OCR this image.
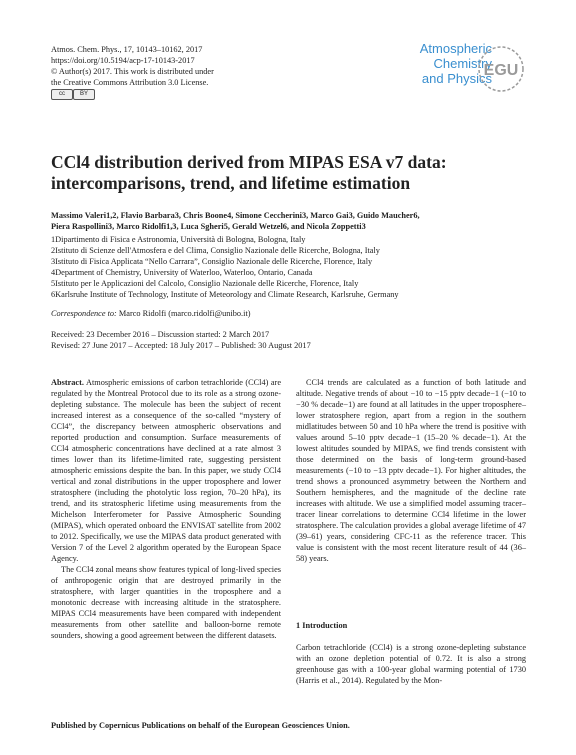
Atmos. Chem. Phys., 17, 10143–10162, 2017
https://doi.org/10.5194/acp-17-10143-2017
© Author(s) 2017. This work is distributed under
the Creative Commons Attribution 3.0 License.
cc	BY
Atmospheric
Chemistry
and Physics
EGU
CCl4 distribution derived from MIPAS ESA v7 data:
intercomparisons, trend, and lifetime estimation
Massimo Valeri1,2, Flavio Barbara3, Chris Boone4, Simone Ceccherini3, Marco Gai3, Guido Maucher6,
Piera Raspollini3, Marco Ridolfi1,3, Luca Sgheri5, Gerald Wetzel6, and Nicola Zoppetti3
1Dipartimento di Fisica e Astronomia, Università di Bologna, Bologna, Italy
2Istituto di Scienze dell'Atmosfera e del Clima, Consiglio Nazionale delle Ricerche, Bologna, Italy
3Istituto di Fisica Applicata “Nello Carrara”, Consiglio Nazionale delle Ricerche, Florence, Italy
4Department of Chemistry, University of Waterloo, Waterloo, Ontario, Canada
5Istituto per le Applicazioni del Calcolo, Consiglio Nazionale delle Ricerche, Florence, Italy
6Karlsruhe Institute of Technology, Institute of Meteorology and Climate Research, Karlsruhe, Germany
Correspondence to: Marco Ridolfi (marco.ridolfi@unibo.it)
Received: 23 December 2016 – Discussion started: 2 March 2017
Revised: 27 June 2017 – Accepted: 18 July 2017 – Published: 30 August 2017

Abstract. Atmospheric emissions of carbon tetrachloride (CCl4) are regulated by the Montreal Protocol due to its role as a strong ozone-depleting substance. The molecule has been the subject of recent increased interest as a consequence of the so-called “mystery of CCl4”, the discrepancy between atmospheric observations and reported production and consumption. Surface measurements of CCl4 atmospheric concentrations have declined at a rate almost 3 times lower than its lifetime-limited rate, suggesting persistent atmospheric emissions despite the ban. In this paper, we study CCl4 vertical and zonal distributions in the upper troposphere and lower stratosphere (including the photolytic loss region, 70–20 hPa), its trend, and its stratospheric lifetime using measurements from the Michelson Interferometer for Passive Atmospheric Sounding (MIPAS), which operated onboard the ENVISAT satellite from 2002 to 2012. Specifically, we use the MIPAS data product generated with Version 7 of the Level 2 algorithm operated by the European Space Agency.

The CCl4 zonal means show features typical of long-lived species of anthropogenic origin that are destroyed primarily in the stratosphere, with larger quantities in the troposphere and a monotonic decrease with increasing altitude in the stratosphere. MIPAS CCl4 measurements have been compared with independent measurements from other satellite and balloon-borne remote sounders, showing a good agreement between the different datasets.

CCl4 trends are calculated as a function of both latitude and altitude. Negative trends of about −10 to −15 pptv decade−1 (−10 to −30 % decade−1) are found at all latitudes in the upper troposphere–lower stratosphere region, apart from a region in the southern midlatitudes between 50 and 10 hPa where the trend is positive with values around 5–10 pptv decade−1 (15–20 % decade−1). At the lowest altitudes sounded by MIPAS, we find trends consistent with those determined on the basis of long-term ground-based measurements (−10 to −13 pptv decade−1). For higher altitudes, the trend shows a pronounced asymmetry between the Northern and Southern hemispheres, and the magnitude of the decline rate increases with altitude. We use a simplified model assuming tracer–tracer linear correlations to determine CCl4 lifetime in the lower stratosphere. The calculation provides a global average lifetime of 47 (39–61) years, considering CFC-11 as the reference tracer. This value is consistent with the most recent literature result of 44 (36–58) years.

1 Introduction
Carbon tetrachloride (CCl4) is a strong ozone-depleting substance with an ozone depletion potential of 0.72. It is also a strong greenhouse gas with a 100-year global warming potential of 1730 (Harris et al., 2014). Regulated by the Mon-
Published by Copernicus Publications on behalf of the European Geosciences Union.
